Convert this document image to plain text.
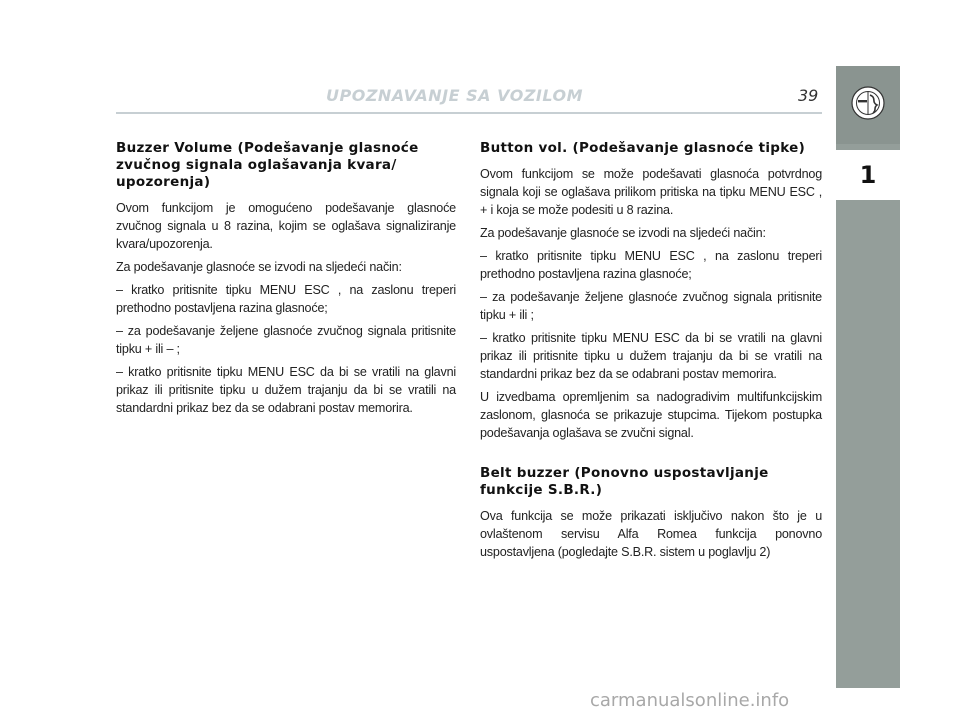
UPOZNAVANJE SA VOZILOM	39
1
Buzzer Volume (Podešavanje glasnoće zvučnog signala oglašavanja kvara/ upozorenja)

Ovom funkcijom je omogućeno podešavanje glasnoće zvučnog signala u 8 razina, kojim se oglašava signaliziranje kvara/upozorenja.

Za podešavanje glasnoće se izvodi na sljedeći način:

– kratko pritisnite tipku MENU ESC , na zaslonu treperi prethodno postavljena razina glasnoće;

– za podešavanje željene glasnoće zvučnog signala pritisnite tipku + ili – ;

– kratko pritisnite tipku MENU ESC da bi se vratili na glavni prikaz ili pritisnite tipku u dužem trajanju da bi se vratili na standardni prikaz bez da se odabrani postav memorira.

Button vol. (Podešavanje glasnoće tipke)

Ovom funkcijom se može podešavati glasnoća potvrdnog signala koji se oglašava prilikom pritiska na tipku MENU ESC , + i koja se može podesiti u 8 razina.

Za podešavanje glasnoće se izvodi na sljedeći način:

– kratko pritisnite tipku MENU ESC , na zaslonu treperi prethodno postavljena razina glasnoće;

– za podešavanje željene glasnoće zvučnog signala pritisnite tipku + ili ;

– kratko pritisnite tipku MENU ESC da bi se vratili na glavni prikaz ili pritisnite tipku u dužem trajanju da bi se vratili na standardni prikaz bez da se odabrani postav memorira.

U izvedbama opremljenim sa nadogradivim multifunkcijskim zaslonom, glasnoća se prikazuje stupcima. Tijekom postupka podešavanja oglašava se zvučni signal.

Belt buzzer (Ponovno uspostavljanje funkcije S.B.R.)

Ova funkcija se može prikazati isključivo nakon što je u ovlaštenom servisu Alfa Romea funkcija ponovno uspostavljena (pogledajte S.B.R. sistem u poglavlju 2)

carmanualsonline.info
